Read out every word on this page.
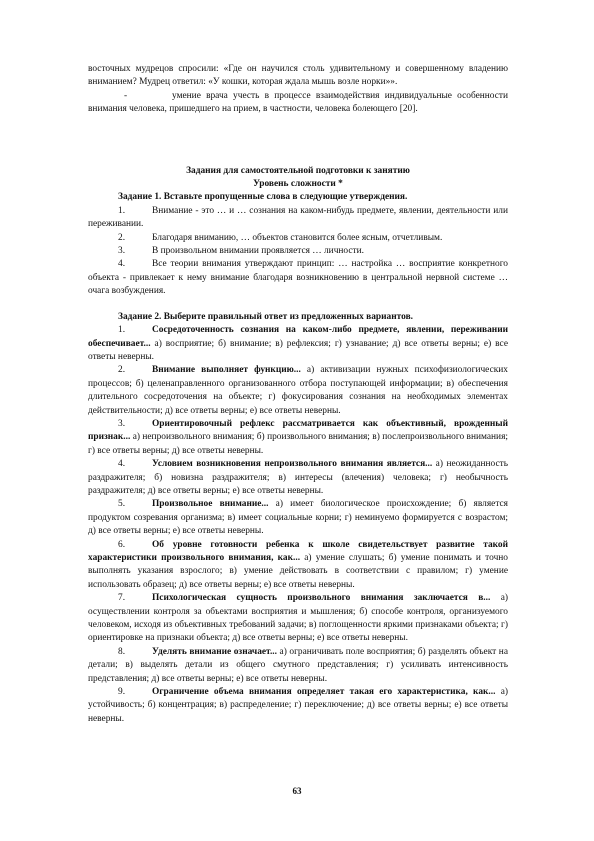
восточных мудрецов спросили: «Где он научился столь удивительному и совершенному владению вниманием? Мудрец ответил: «У кошки, которая ждала мышь возле норки»».

-	умение врача учесть в процессе взаимодействия индивидуальные особенности внимания человека, пришедшего на прием, в частности, человека болеющего [20].

Задания для самостоятельной подготовки к занятию

Уровень сложности *

Задание 1. Вставьте пропущенные слова в следующие утверждения.

1.	Внимание - это … и … сознания на каком-нибудь предмете, явлении, деятельности или переживании.

2.	Благодаря вниманию, … объектов становится более ясным, отчетливым.

3.	В произвольном внимании проявляется … личности.

4.	Все теории внимания утверждают принцип: … настройка … восприятие конкретного объекта - привлекает к нему внимание благодаря возникновению в центральной нервной системе … очага возбуждения.

Задание 2. Выберите правильный ответ из предложенных вариантов.

1.	Сосредоточенность сознания на каком-либо предмете, явлении, переживании обеспечивает... а) восприятие; б) внимание; в) рефлексия; г) узнавание; д) все ответы верны; е) все ответы неверны.

2.	Внимание выполняет функцию... а) активизации нужных психофизиологических процессов; б) целенаправленного организованного отбора поступающей информации; в) обеспечения длительного сосредоточения на объекте; г) фокусирования сознания на необходимых элементах действительности; д) все ответы верны; е) все ответы неверны.

3.	Ориентировочный рефлекс рассматривается как объективный, врожденный признак... а) непроизвольного внимания; б) произвольного внимания; в) послепроизвольного внимания; г) все ответы верны; д) все ответы неверны.

4.	Условием возникновения непроизвольного внимания является... а) неожиданность раздражителя; б) новизна раздражителя; в) интересы (влечения) человека; г) необычность раздражителя; д) все ответы верны; е) все ответы неверны.

5.	Произвольное внимание... а) имеет биологическое происхождение; б) является продуктом созревания организма; в) имеет социальные корни; г) неминуемо формируется с возрастом; д) все ответы верны; е) все ответы неверны.

6.	Об уровне готовности ребенка к школе свидетельствует развитие такой характеристики произвольного внимания, как... а) умение слушать; б) умение понимать и точно выполнять указания взрослого; в) умение действовать в соответствии с правилом; г) умение использовать образец; д) все ответы верны; е) все ответы неверны.

7.	Психологическая сущность произвольного внимания заключается в... а) осуществлении контроля за объектами восприятия и мышления; б) способе контроля, организуемого человеком, исходя из объективных требований задачи; в) поглощенности яркими признаками объекта; г) ориентировке на признаки объекта; д) все ответы верны; е) все ответы неверны.

8.	Уделять внимание означает... а) ограничивать поле восприятия; б) разделять объект на детали; в) выделять детали из общего смутного представления; г) усиливать интенсивность представления; д) все ответы верны; е) все ответы неверны.

9.	Ограничение объема внимания определяет такая его характеристика, как... а) устойчивость; б) концентрация; в) распределение; г) переключение; д) все ответы верны; е) все ответы неверны.

63
